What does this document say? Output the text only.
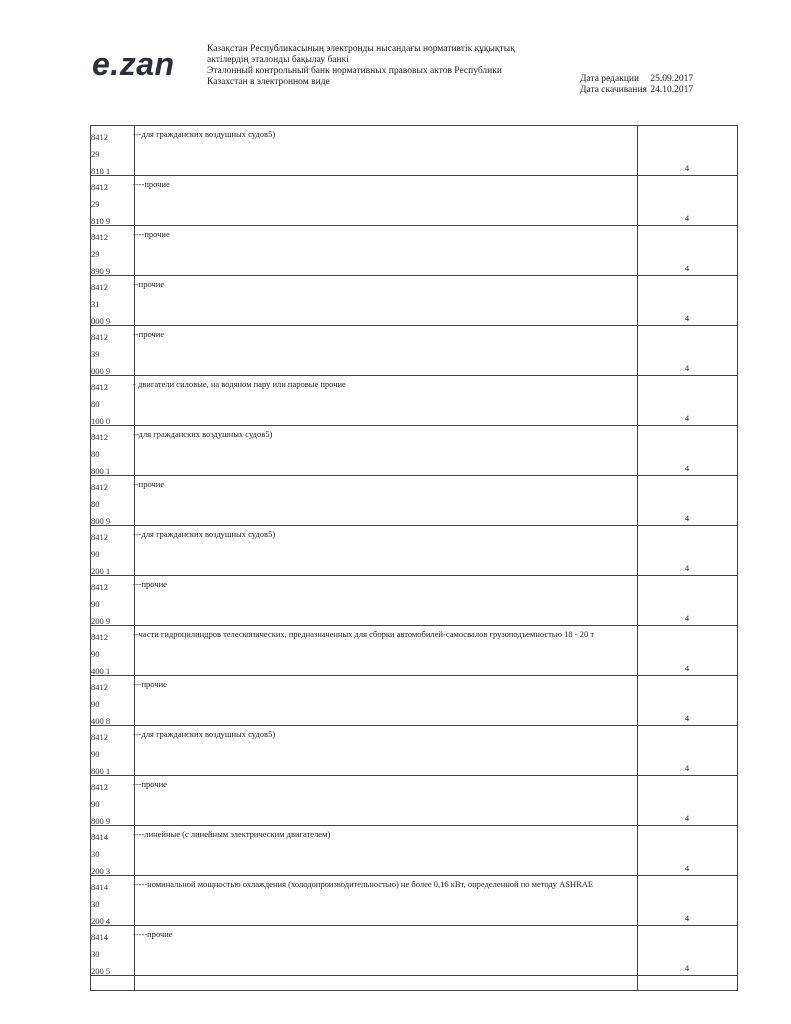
e.zan	Казақстан Республикасының электронды нысандағы нормативтік құқықтық
актілердің эталонды бақылау банкі
Эталонный контрольный банк нормативных правовых актов Республики
Казахстан в электронном виде	Дата редакции 25.09.2017
Дата скачивания 24.10.2017
8412
29
810 1
---для гражданских воздушных судов5)
4
8412
29
810 9
----прочие
4
8412
29
890 9
----прочие
4
8412
31
000 9
--прочие
4
8412
39
000 9
--прочие
4
8412
80
100 0
- двигатели силовые, на водяном пару или паровые прочие
4
8412
80
800 1
--для гражданских воздушных судов5)
4
8412
80
800 9
--прочие
4
8412
90
200 1
---для гражданских воздушных судов5)
4
8412
90
200 9
---прочие
4
8412
90
400 1
--части гидроцилиндров телескопических, предназначенных для сборки автомобилей-самосвалов грузоподъемностью 18 - 20 т
4
8412
90
400 8
---прочие
4
8412
90
800 1
---для гражданских воздушных судов5)
4
8412
90
800 9
---прочие
4
8414
30
200 3
----линейные (с линейным электрическим двигателем)
4
8414
30
200 4
-----номинальной мощностью охлаждения (холодопроизводительностью) не более 0,16 кВт, определенной по методу ASHRAE
4
8414
30
200 5
-----прочие
4
